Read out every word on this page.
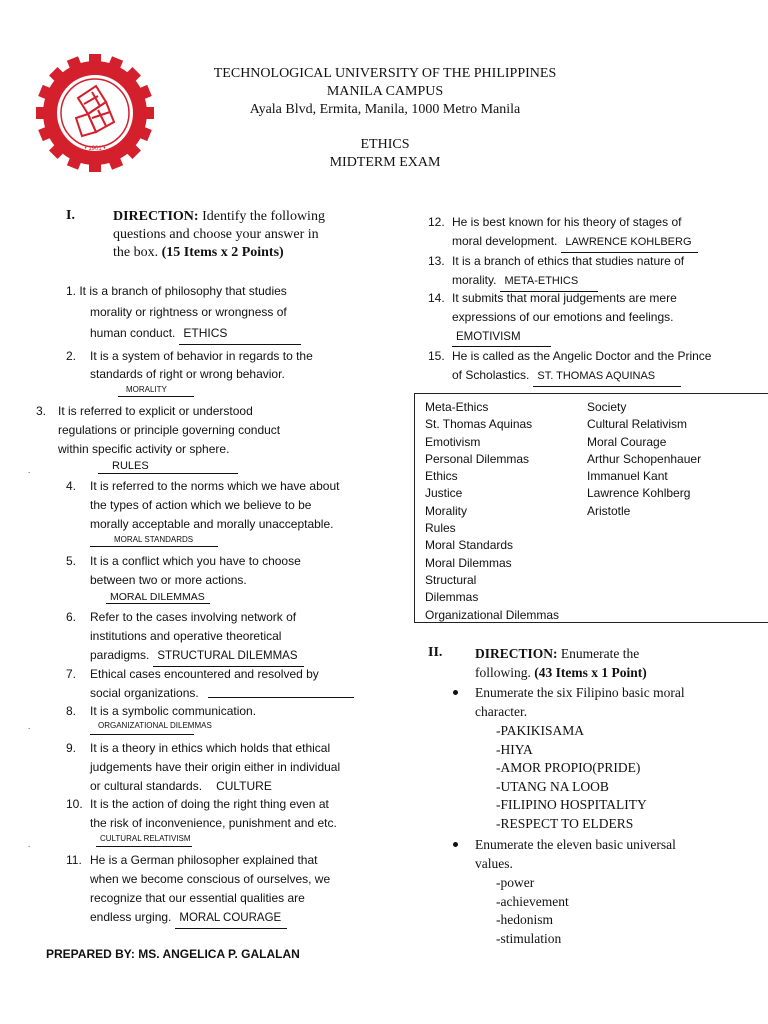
• 1901 •
TECHNOLOGICAL UNIVERSITY OF THE PHILIPPINES
MANILA CAMPUS
Ayala Blvd, Ermita, Manila, 1000 Metro Manila
ETHICS
MIDTERM EXAM
I.	DIRECTION: Identify the following
questions and choose your answer in
the box. (15 Items x 2 Points)
1. It is a branch of philosophy that studies
morality or rightness or wrongness of
human conduct. ETHICS
2. It is a system of behavior in regards to the
standards of right or wrong behavior.
MORALITY
3. It is referred to explicit or understood
regulations or principle governing conduct
within specific activity or sphere.
RULES
.
4. It is referred to the norms which we have about
the types of action which we believe to be
morally acceptable and morally unacceptable.
MORAL STANDARDS
5. It is a conflict which you have to choose
between two or more actions.
MORAL DILEMMAS
6. Refer to the cases involving network of
institutions and operative theoretical
paradigms. STRUCTURAL DILEMMAS
7. Ethical cases encountered and resolved by
social organizations.
8. It is a symbolic communication.
ORGANIZATIONAL DILEMMAS
.
9. It is a theory in ethics which holds that ethical
judgements have their origin either in individual
or cultural standards. CULTURE
10. It is the action of doing the right thing even at
the risk of inconvenience, punishment and etc.
CULTURAL RELATIVISM
.
11. He is a German philosopher explained that
when we become conscious of ourselves, we
recognize that our essential qualities are
endless urging. MORAL COURAGE
12. He is best known for his theory of stages of
moral development. LAWRENCE KOHLBERG
13. It is a branch of ethics that studies nature of
morality. META-ETHICS
14. It submits that moral judgements are mere
expressions of our emotions and feelings.
EMOTIVISM
15. He is called as the Angelic Doctor and the Prince
of Scholastics. ST. THOMAS AQUINAS
Meta-Ethics
St. Thomas Aquinas
Emotivism
Personal Dilemmas
Ethics
Justice
Morality
Rules
Moral Standards
Moral Dilemmas
Structural
Dilemmas
Organizational Dilemmas
Society
Cultural Relativism
Moral Courage
Arthur Schopenhauer
Immanuel Kant
Lawrence Kohlberg
Aristotle
II. DIRECTION: Enumerate the
following. (43 Items x 1 Point)
Enumerate the six Filipino basic moral
character.
-PAKIKISAMA
-HIYA
-AMOR PROPIO(PRIDE)
-UTANG NA LOOB
-FILIPINO HOSPITALITY
-RESPECT TO ELDERS
Enumerate the eleven basic universal
values.
-power
-achievement
-hedonism
-stimulation
PREPARED BY: MS. ANGELICA P. GALALAN
